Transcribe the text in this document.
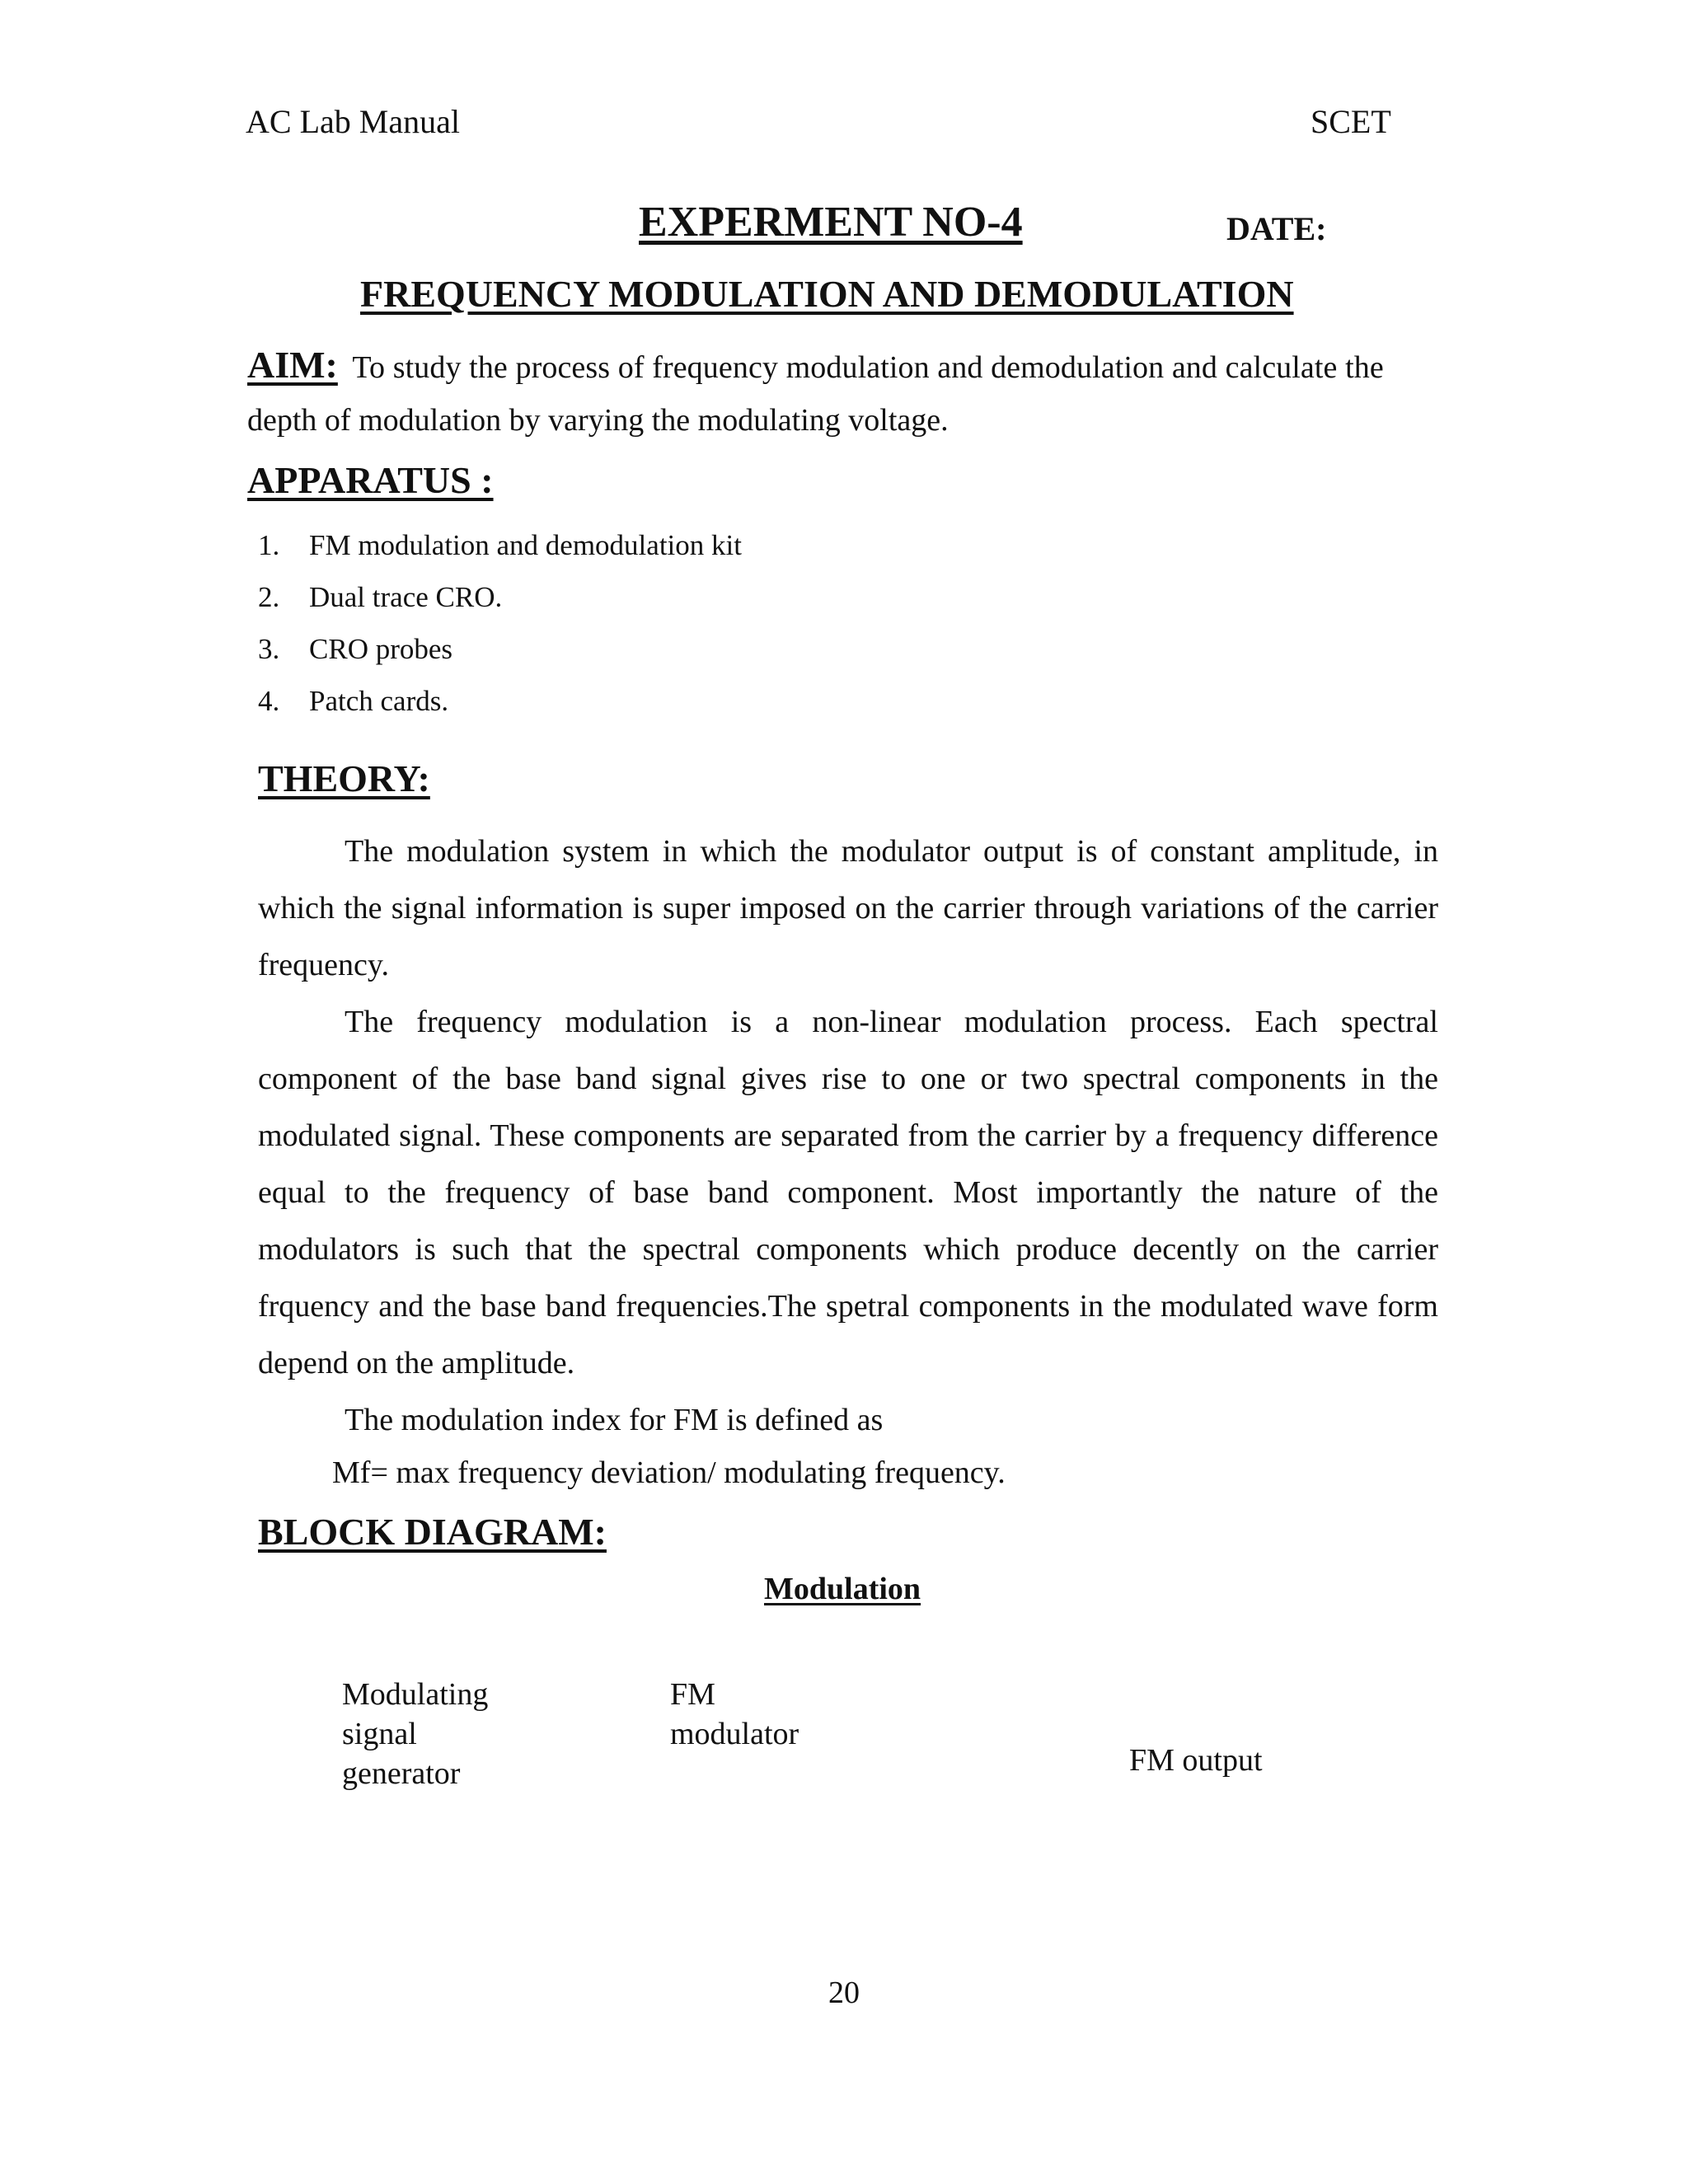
AC Lab Manual	SCET
EXPERMENT NO-4	DATE:
FREQUENCY MODULATION AND DEMODULATION
AIM: To study the process of frequency modulation and demodulation and calculate the
depth of modulation by varying the modulating voltage.
APPARATUS :
1.	FM modulation and demodulation kit
2.	Dual trace CRO.
3.	CRO probes
4.	Patch cards.
THEORY:

The modulation system in which the modulator output is of constant amplitude, in which the signal information is super imposed on the carrier through variations of the carrier frequency.

The frequency modulation is a non-linear modulation process. Each spectral component of the base band signal gives rise to one or two spectral components in the modulated signal. These components are separated from the carrier by a frequency difference equal to the frequency of base band component. Most importantly the nature of the modulators is such that the spectral components which produce decently on the carrier frquency and the base band frequencies.The spetral components in the modulated wave form depend on the amplitude.

The modulation index for FM is defined as

Mf= max frequency deviation/ modulating frequency.
BLOCK DIAGRAM:
Modulation
Modulating signal generator
FM modulator
FM output
20
